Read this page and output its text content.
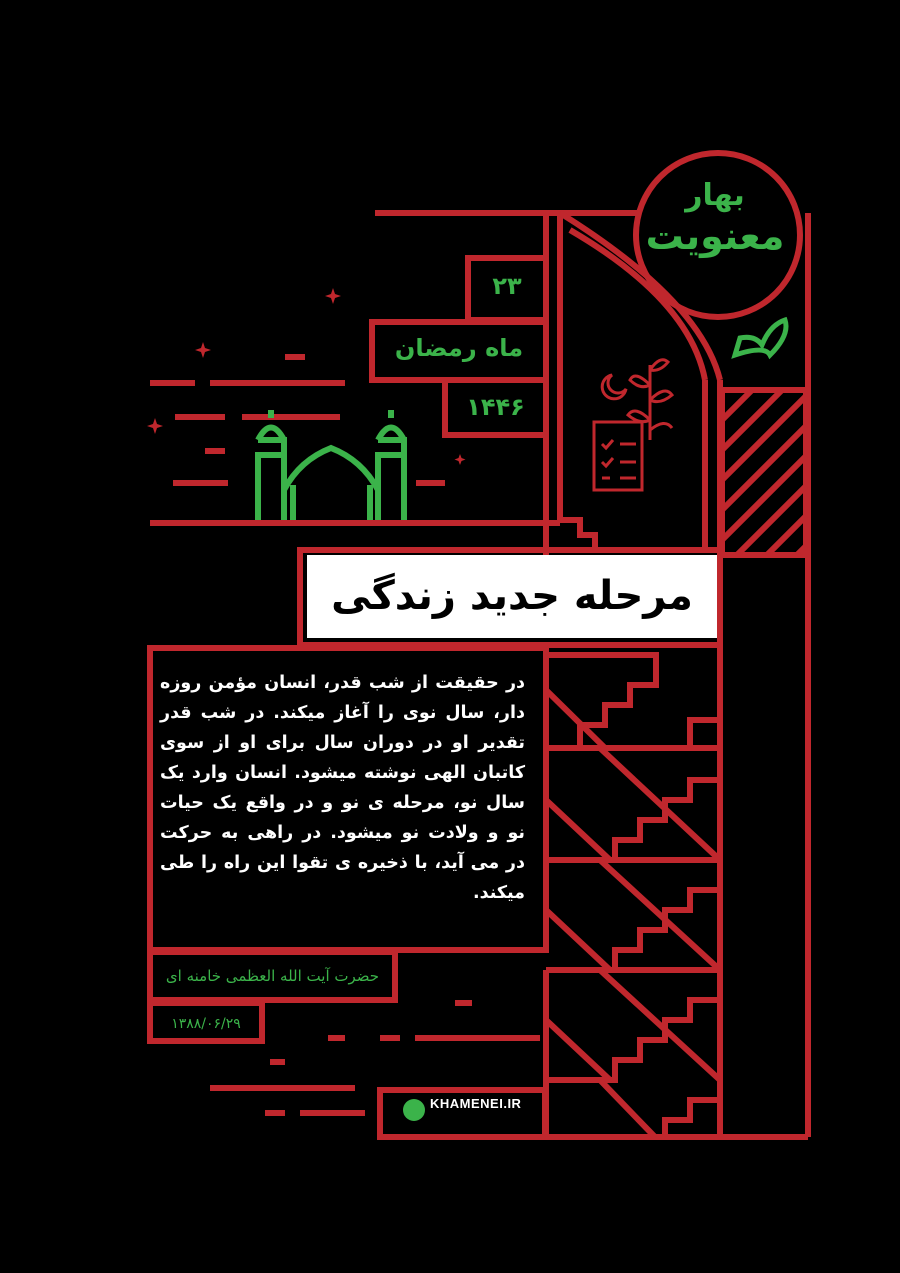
بهار
معنویت
۲۳
ماه رمضان
۱۴۴۶
مرحله جدید زندگی
در حقیقت از شب قدر، انسان مؤمن روزه دار، سال نوی را آغاز میکند. در شب قدر تقدیر او در دوران سال برای او از سوی کاتبان الهی نوشته میشود. انسان وارد یک سال نو، مرحله ی نو و در واقع یک حیات نو و ولادت نو میشود. در راهی به حرکت در می آید، با ذخیره ی تقوا این راه را طی میکند.
حضرت آیت الله العظمی خامنه ای
۱۳۸۸/۰۶/۲۹
KHAMENEI.IR
